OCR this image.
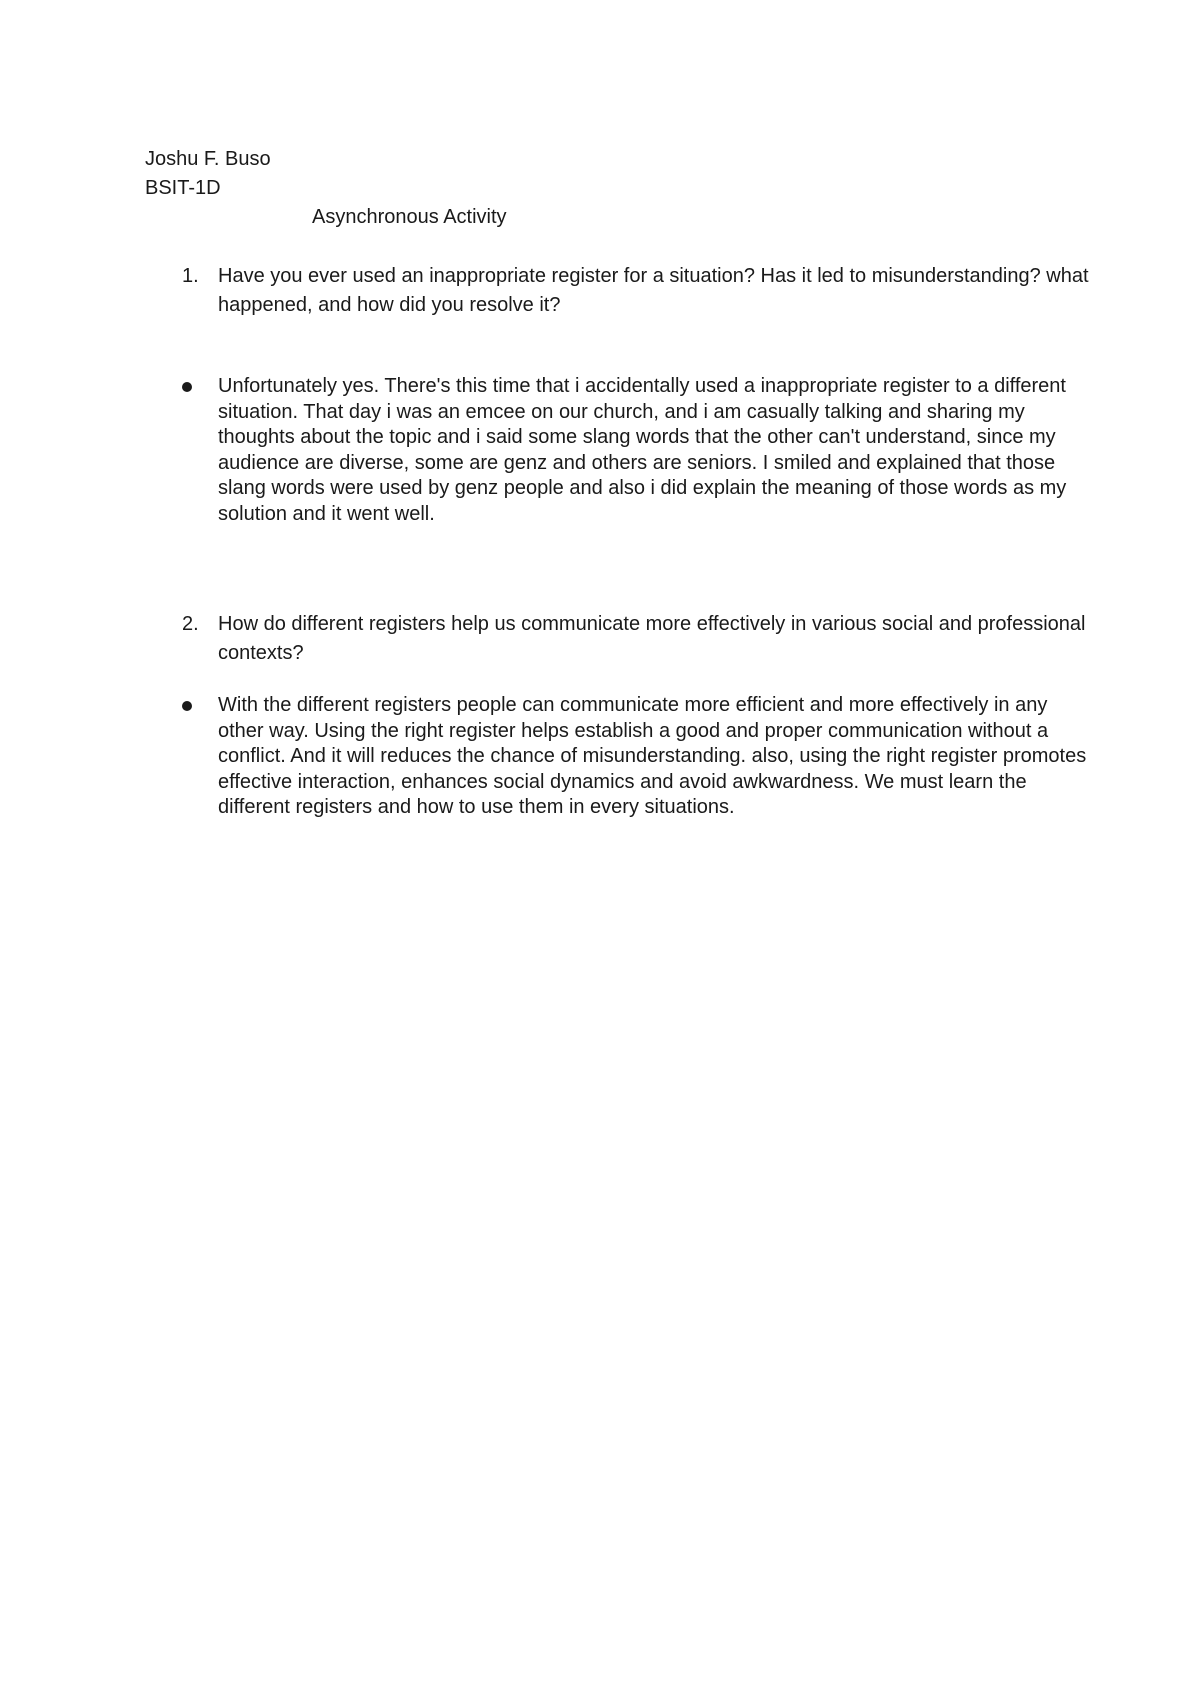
Joshu F. Buso
BSIT-1D
Asynchronous Activity
1. Have you ever used an inappropriate register for a situation? Has it led to misunderstanding? what happened, and how did you resolve it?
Unfortunately yes. There's this time that i accidentally used a inappropriate register to a different situation. That day i was an emcee on our church, and i am casually talking and sharing my thoughts about the topic and i said some slang words that the other can't understand, since my audience are diverse, some are genz and others are seniors. I smiled and explained that those slang words were used by genz people and also i did explain the meaning of those words as my solution and it went well.
2. How do different registers help us communicate more effectively in various social and professional contexts?
With the different registers people can communicate more efficient and more effectively in any other way. Using the right register helps establish a good and proper communication without a conflict. And it will reduces the chance of misunderstanding. also, using the right register promotes effective interaction, enhances social dynamics and avoid awkwardness. We must learn the different registers and how to use them in every situations.
